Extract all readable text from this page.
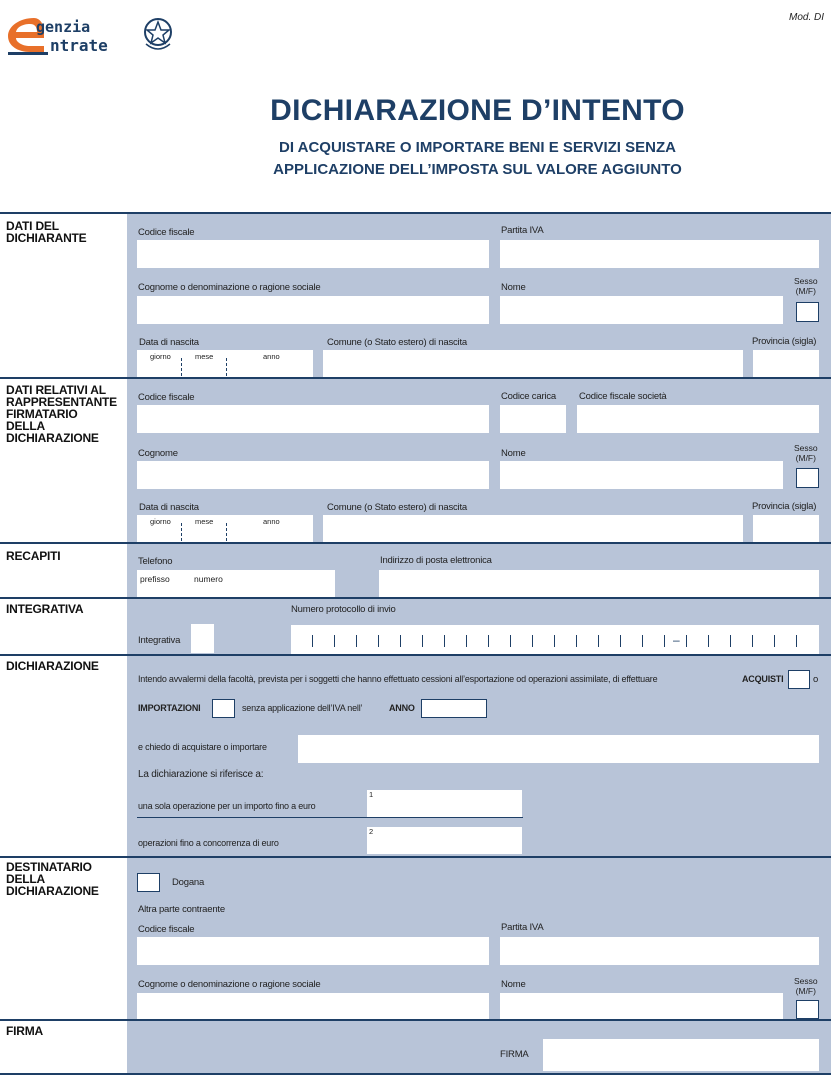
genzia
ntrate
Mod. DI
DICHIARAZIONE D’INTENTO
DI ACQUISTARE O IMPORTARE BENI E SERVIZI SENZA
APPLICAZIONE DELL’IMPOSTA SUL VALORE AGGIUNTO
DATI DEL
DICHIARANTE	Codice fiscale	Partita IVA
Cognome o denominazione o ragione sociale	Nome
Sesso
(M/F)
Data di nascita
giorno	mese	anno
Comune (o Stato estero) di nascita	Provincia (sigla)
DATI RELATIVI AL
RAPPRESENTANTE
FIRMATARIO
DELLA
DICHIARAZIONE
Codice fiscale	Codice carica Codice fiscale società
Cognome	Nome	Sesso
(M/F)
Data di nascita
giorno	mese	anno
Comune (o Stato estero) di nascita	Provincia (sigla)
RECAPITI	Telefono
prefisso	numero
Indirizzo di posta elettronica
INTEGRATIVA
Integrativa
Numero protocollo di invio
–
DICHIARAZIONE
Intendo avvalermi della facoltà, prevista per i soggetti che hanno effettuato cessioni all’esportazione od operazioni assimilate, di effettuare	ACQUISTI	o
IMPORTAZIONI	senza applicazione dell’IVA nell’	ANNO
e chiedo di acquistare o importare
La dichiarazione si riferisce a:
una sola operazione per un importo fino a euro
1
operazioni fino a concorrenza di euro
2
DESTINATARIO
DELLA
DICHIARAZIONE
Dogana
Altra parte contraente
Codice fiscale	Partita IVA
Cognome o denominazione o ragione sociale	Nome	Sesso
(M/F)
FIRMA
FIRMA
